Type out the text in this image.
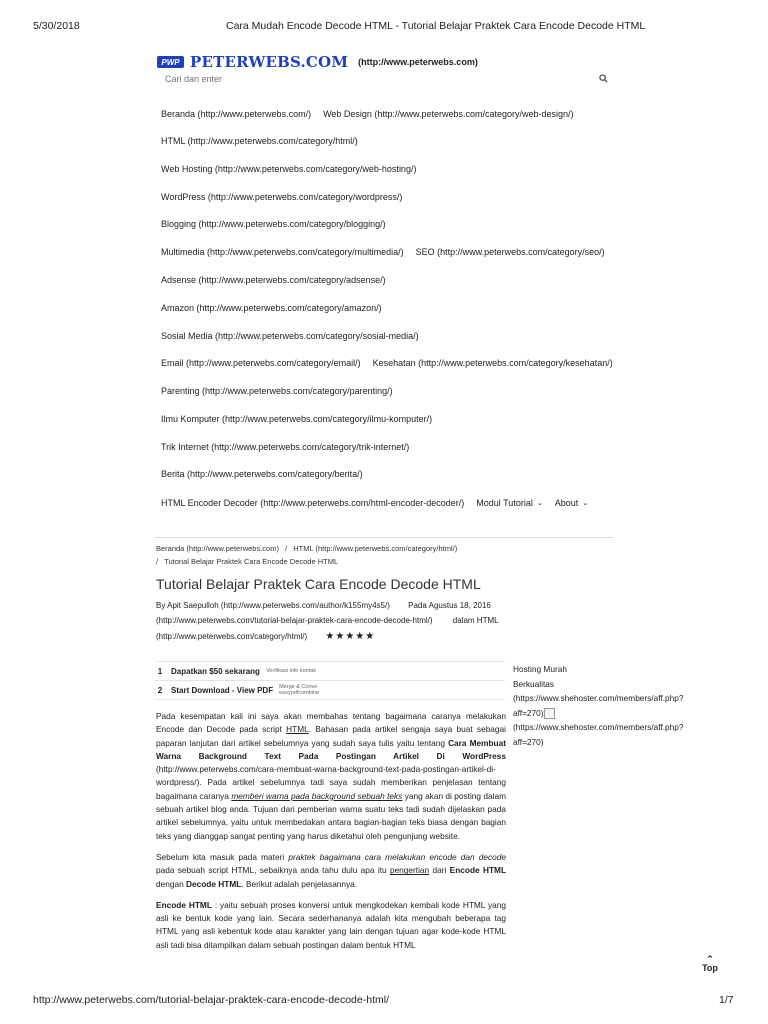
5/30/2018	Cara Mudah Encode Decode HTML - Tutorial Belajar Praktek Cara Encode Decode HTML
PWP PETERWEBS.COM (http://www.peterwebs.com)
Cari dan enter
Beranda (http://www.peterwebs.com/) Web Design (http://www.peterwebs.com/category/web-design/)
HTML (http://www.peterwebs.com/category/html/)
Web Hosting (http://www.peterwebs.com/category/web-hosting/)
WordPress (http://www.peterwebs.com/category/wordpress/)
Blogging (http://www.peterwebs.com/category/blogging/)
Multimedia (http://www.peterwebs.com/category/multimedia/) SEO (http://www.peterwebs.com/category/seo/)
Adsense (http://www.peterwebs.com/category/adsense/)
Amazon (http://www.peterwebs.com/category/amazon/)
Sosial Media (http://www.peterwebs.com/category/sosial-media/)
Email (http://www.peterwebs.com/category/email/) Kesehatan (http://www.peterwebs.com/category/kesehatan/)
Parenting (http://www.peterwebs.com/category/parenting/)
Ilmu Komputer (http://www.peterwebs.com/category/ilmu-komputer/)
Trik Internet (http://www.peterwebs.com/category/trik-internet/)
Berita (http://www.peterwebs.com/category/berita/)
HTML Encoder Decoder (http://www.peterwebs.com/html-encoder-decoder/) Modul Tutorial ⌄ About ⌄
Beranda (http://www.peterwebs.com) / HTML (http://www.peterwebs.com/category/html/)
/ Tutorial Belajar Praktek Cara Encode Decode HTML
Tutorial Belajar Praktek Cara Encode Decode HTML
By Apit Saepulloh (http://www.peterwebs.com/author/k155my4s5/) Pada Agustus 18, 2016
(http://www.peterwebs.com/tutorial-belajar-praktek-cara-encode-decode-html/)	dalam HTML
(http://www.peterwebs.com/category/html/) ★★★★★
1	Dapatkan $50 sekarang Verifikasi info kontak
2	Start Download - View PDF Merge & Conve
easypdfcombine

Pada kesempatan kali ini saya akan membahas tentang bagaimana caranya melakukan Encode dan Decode pada script HTML. Bahasan pada artikel sengaja saya buat sebagai paparan lanjutan dari artikel sebelumnya yang sudah saya tulis yaitu tentang Cara Membuat Warna Background Text Pada Postingan Artikel Di WordPress (http://www.peterwebs.com/cara-membuat-warna-background-text-pada-postingan-artikel-di-wordpress/). Pada artikel sebelumnya tadi saya sudah memberikan penjelasan tentang bagaimana caranya memberi warna pada background sebuah teks yang akan di posting dalam sebuah artikel blog anda. Tujuan dari pemberian warna suatu teks tadi sudah dijelaskan pada artikel sebelumnya, yaitu untuk membedakan antara bagian-bagian teks biasa dengan bagian teks yang dianggap sangat penting yang harus diketahui oleh pengunjung website.

Sebelum kita masuk pada materi praktek bagaimana cara melakukan encode dan decode pada sebuah script HTML, sebaiknya anda tahu dulu apa itu pengertian dari Encode HTML dengan Decode HTML. Berikut adalah penjelasannya.

Encode HTML : yaitu sebuah proses konversi untuk mengkodekan kembali kode HTML yang asli ke bentuk kode yang lain. Secara sederhananya adalah kita mengubah beberapa tag HTML yang asli kebentuk kode atau karakter yang lain dengan tujuan agar kode-kode HTML asli tadi bisa ditampilkan dalam sebuah postingan dalam bentuk HTML

Hosting Murah
Berkualitas
(https://www.shehoster.com/members/aff.php?
aff=270)
(https://www.shehoster.com/members/aff.php?
aff=270)
⌃
Top
http://www.peterwebs.com/tutorial-belajar-praktek-cara-encode-decode-html/	1/7
